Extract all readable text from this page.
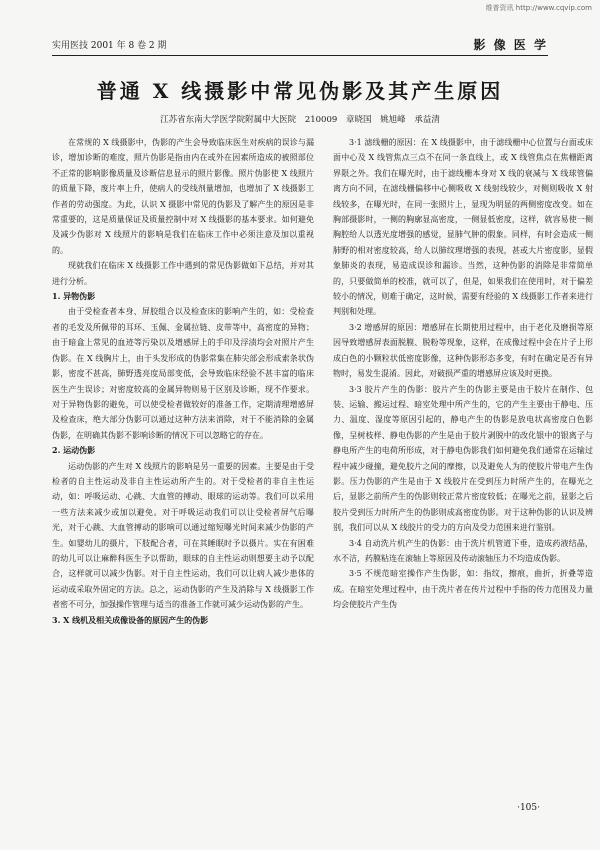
维普资讯 http://www.cqvip.com
实用医技 2001 年 8 卷 2 期	影 像 医 学
普通 X 线摄影中常见伪影及其产生原因
江苏省东南大学医学院附属中大医院 210009 章晓国 姚旭峰 承益清

在常规的 X 线摄影中，伪影的产生会导致临床医生对疾病的误诊与漏诊，增加诊断的难度，照片伪影是指由内在或外在因素所造成的被照部位不正常的影响影像质量及诊断信息显示的照片影像。照片伪影使 X 线照片的质量下降，废片率上升，使病人的受线剂量增加，也增加了 X 线摄影工作者的劳动强度。为此，认识 X 摄影中常见的伪影及了解产生的原因是非常重要的，这是质量保证及质量控制中对 X 线摄影的基本要求。如何避免及减少伪影对 X 线照片的影响是我们在临床工作中必须注意及加以重视的。

现就我们在临床 X 线摄影工作中遇到的常见伪影做如下总结，并对其进行分析。

1. 异物伪影

由于受检查者本身、屏胶组合以及检查床的影响产生的，如：受检查者的毛发及所佩带的耳环、玉佩、金属拉链、皮带等中，高密度的异物；由于暗盒上常见的血迹等污染以及增感屏上的手印及浮渍均会对照片产生伪影。在 X 线胸片上，由于头发形成的伪影常集在肺尖部会形成索条状伪影，密度不甚高，肺野透亮度局部变低，会导致临床经验不甚丰富的临床医生产生误诊；对密度较高的金属异物则易于区别及诊断，现不作要求。对于异物伪影的避免，可以使受检者做较好的准备工作，定期清理增感屏及检查床，绝大部分伪影可以通过这种方法来消除，对于不能消除的金属伪影，在明确其伪影不影响诊断的情况下可以忽略它的存在。

2. 运动伪影

运动伪影的产生对 X 线照片的影响是另一重要的因素。主要是由于受检者的自主性运动及非自主性运动所产生的。对于受检者的非自主性运动，如：呼吸运动、心跳、大血管的搏动、眼球的运动等。我们可以采用一些方法来减少或加以避免。对于呼吸运动我们可以让受检者屏气后曝光，对于心跳、大血管搏动的影响可以通过缩短曝光时间来减少伪影的产生。如婴幼儿的摄片，下肢配合者，可在其睡眠时予以摄片。实在有困难的幼儿可以让麻醉科医生予以帮助，眼球的自主性运动则想要主动予以配合，这样就可以减少伪影。对于自主性运动，我们可以让病人减少患体的运动或采取外固定的方法。总之，运动伪影的产生及消除与 X 线摄影工作者密不可分，加强操作管理与适当的准备工作就可减少运动伪影的产生。

3. X 线机及相关成像设备的原因产生的伪影

3·1 滤线栅的原因：在 X 线摄影中，由于滤线栅中心位置与台面或床面中心及 X 线管焦点三点不在同一条直线上，或 X 线管焦点在焦栅距离界限之外。我们在曝光时，由于滤线栅本身对 X 线的衰减与 X 线球管偏离方向不同，在滤线栅偏移中心侧吸收 X 线射线较少，对侧则吸收 X 射线较多，在曝光时，在同一张照片上，显现为明显的两侧密度改变。如在胸部摄影时，一侧的胸廓显高密度，一侧显低密度，这样，就容易使一侧胸腔给人以透光度增强的感觉，显肺气肿的假象。同样，有时会造成一侧肺野的相对密度较高，给人以肺纹理增强的表现，甚或大片密度影，显假象肺炎的表现，易造成误诊和漏诊。当然，这种伪影的消除是非常简单的，只要做简单的校准，就可以了，但是，如果我们在使用时，对于偏差较小的情况，则难于确定，这时候，需要有经验的 X 线摄影工作者来进行判别和处理。

3·2 增感屏的原因：增感屏在长期使用过程中，由于老化及磨损等原因导致增感屏表面脱膜、脱粉等现象，这样，在成像过程中会在片子上形成白色的小颗粒状低密度影像，这种伪影形态多变，有时在确定是否有异物时，易发生混淆。因此，对破损严重的增感屏应该及时更换。

3·3 胶片产生的伪影：胶片产生的伪影主要是由于胶片在制作、包装、运输、搬运过程、暗室处理中所产生的，它的产生主要由于静电、压力、温度、湿度等原因引起的，静电产生的伪影是放电状高密度白色影像，呈树枝样、静电伪影的产生是由于胶片剥脱中的改化银中的银离子与静电所产生的电荷所形成，对于静电伪影我们如何避免我们通常在运输过程中减少碰撞，避免胶片之间的摩擦，以及避免人为的使胶片带电产生伪影。压力伪影的产生是由于 X 线胶片在受到压力时所产生的，在曝光之后，显影之前所产生的伪影则较正常片密度较低；在曝光之前，显影之后胶片受到压力时所产生的伪影则成高密度伪影。对于这种伪影的认识及辨别，我们可以从 X 线胶片的受力的方向及受力范围来进行鉴别。

3·4 自动洗片机产生的伪影：由于洗片机管道下垂，造成药液结晶，水不洁，药膜粘连在滚轴上等原因及传动滚轴压力不均造成伪影。

3·5 不规范暗室操作产生伪影，如：指纹，擦痕，曲折，折叠等造成。在暗室处理过程中，由于洗片者在传片过程中手指的传力范围及力量均会使胶片产生伪

·105·
